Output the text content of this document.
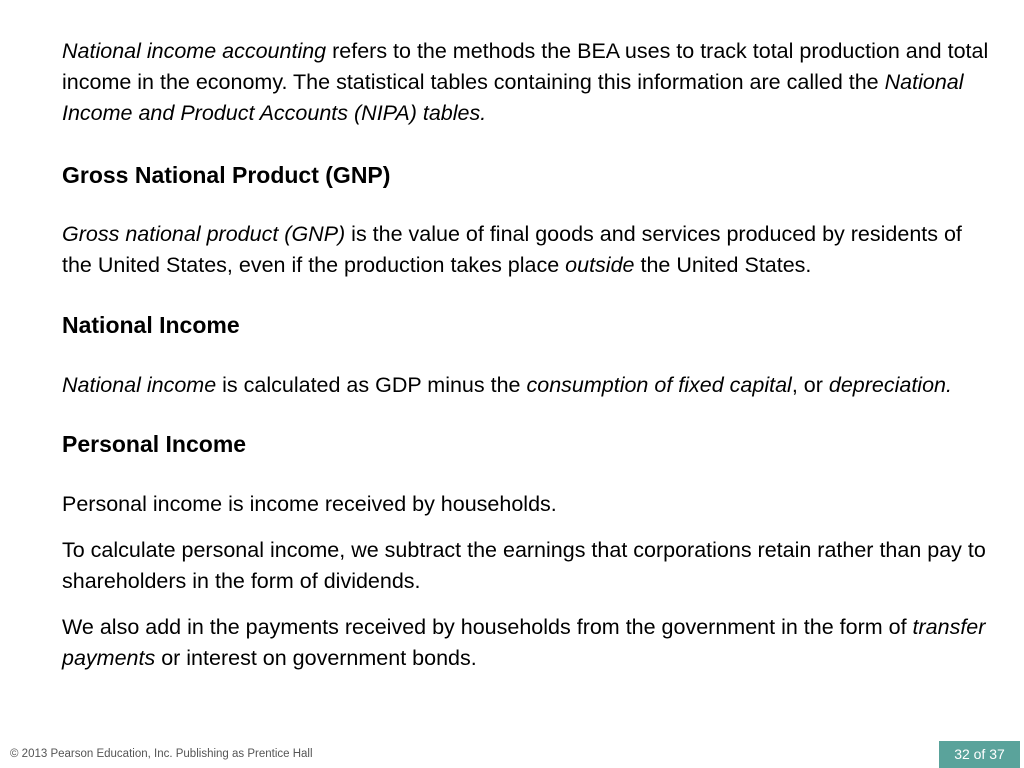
National income accounting refers to the methods the BEA uses to track total production and total income in the economy. The statistical tables containing this information are called the National Income and Product Accounts (NIPA) tables.

Gross National Product (GNP)

Gross national product (GNP) is the value of final goods and services produced by residents of the United States, even if the production takes place outside the United States.

National Income

National income is calculated as GDP minus the consumption of fixed capital, or depreciation.

Personal Income

Personal income is income received by households.

To calculate personal income, we subtract the earnings that corporations retain rather than pay to shareholders in the form of dividends.

We also add in the payments received by households from the government in the form of transfer payments or interest on government bonds.

© 2013 Pearson Education, Inc. Publishing as Prentice Hall	32 of 37
